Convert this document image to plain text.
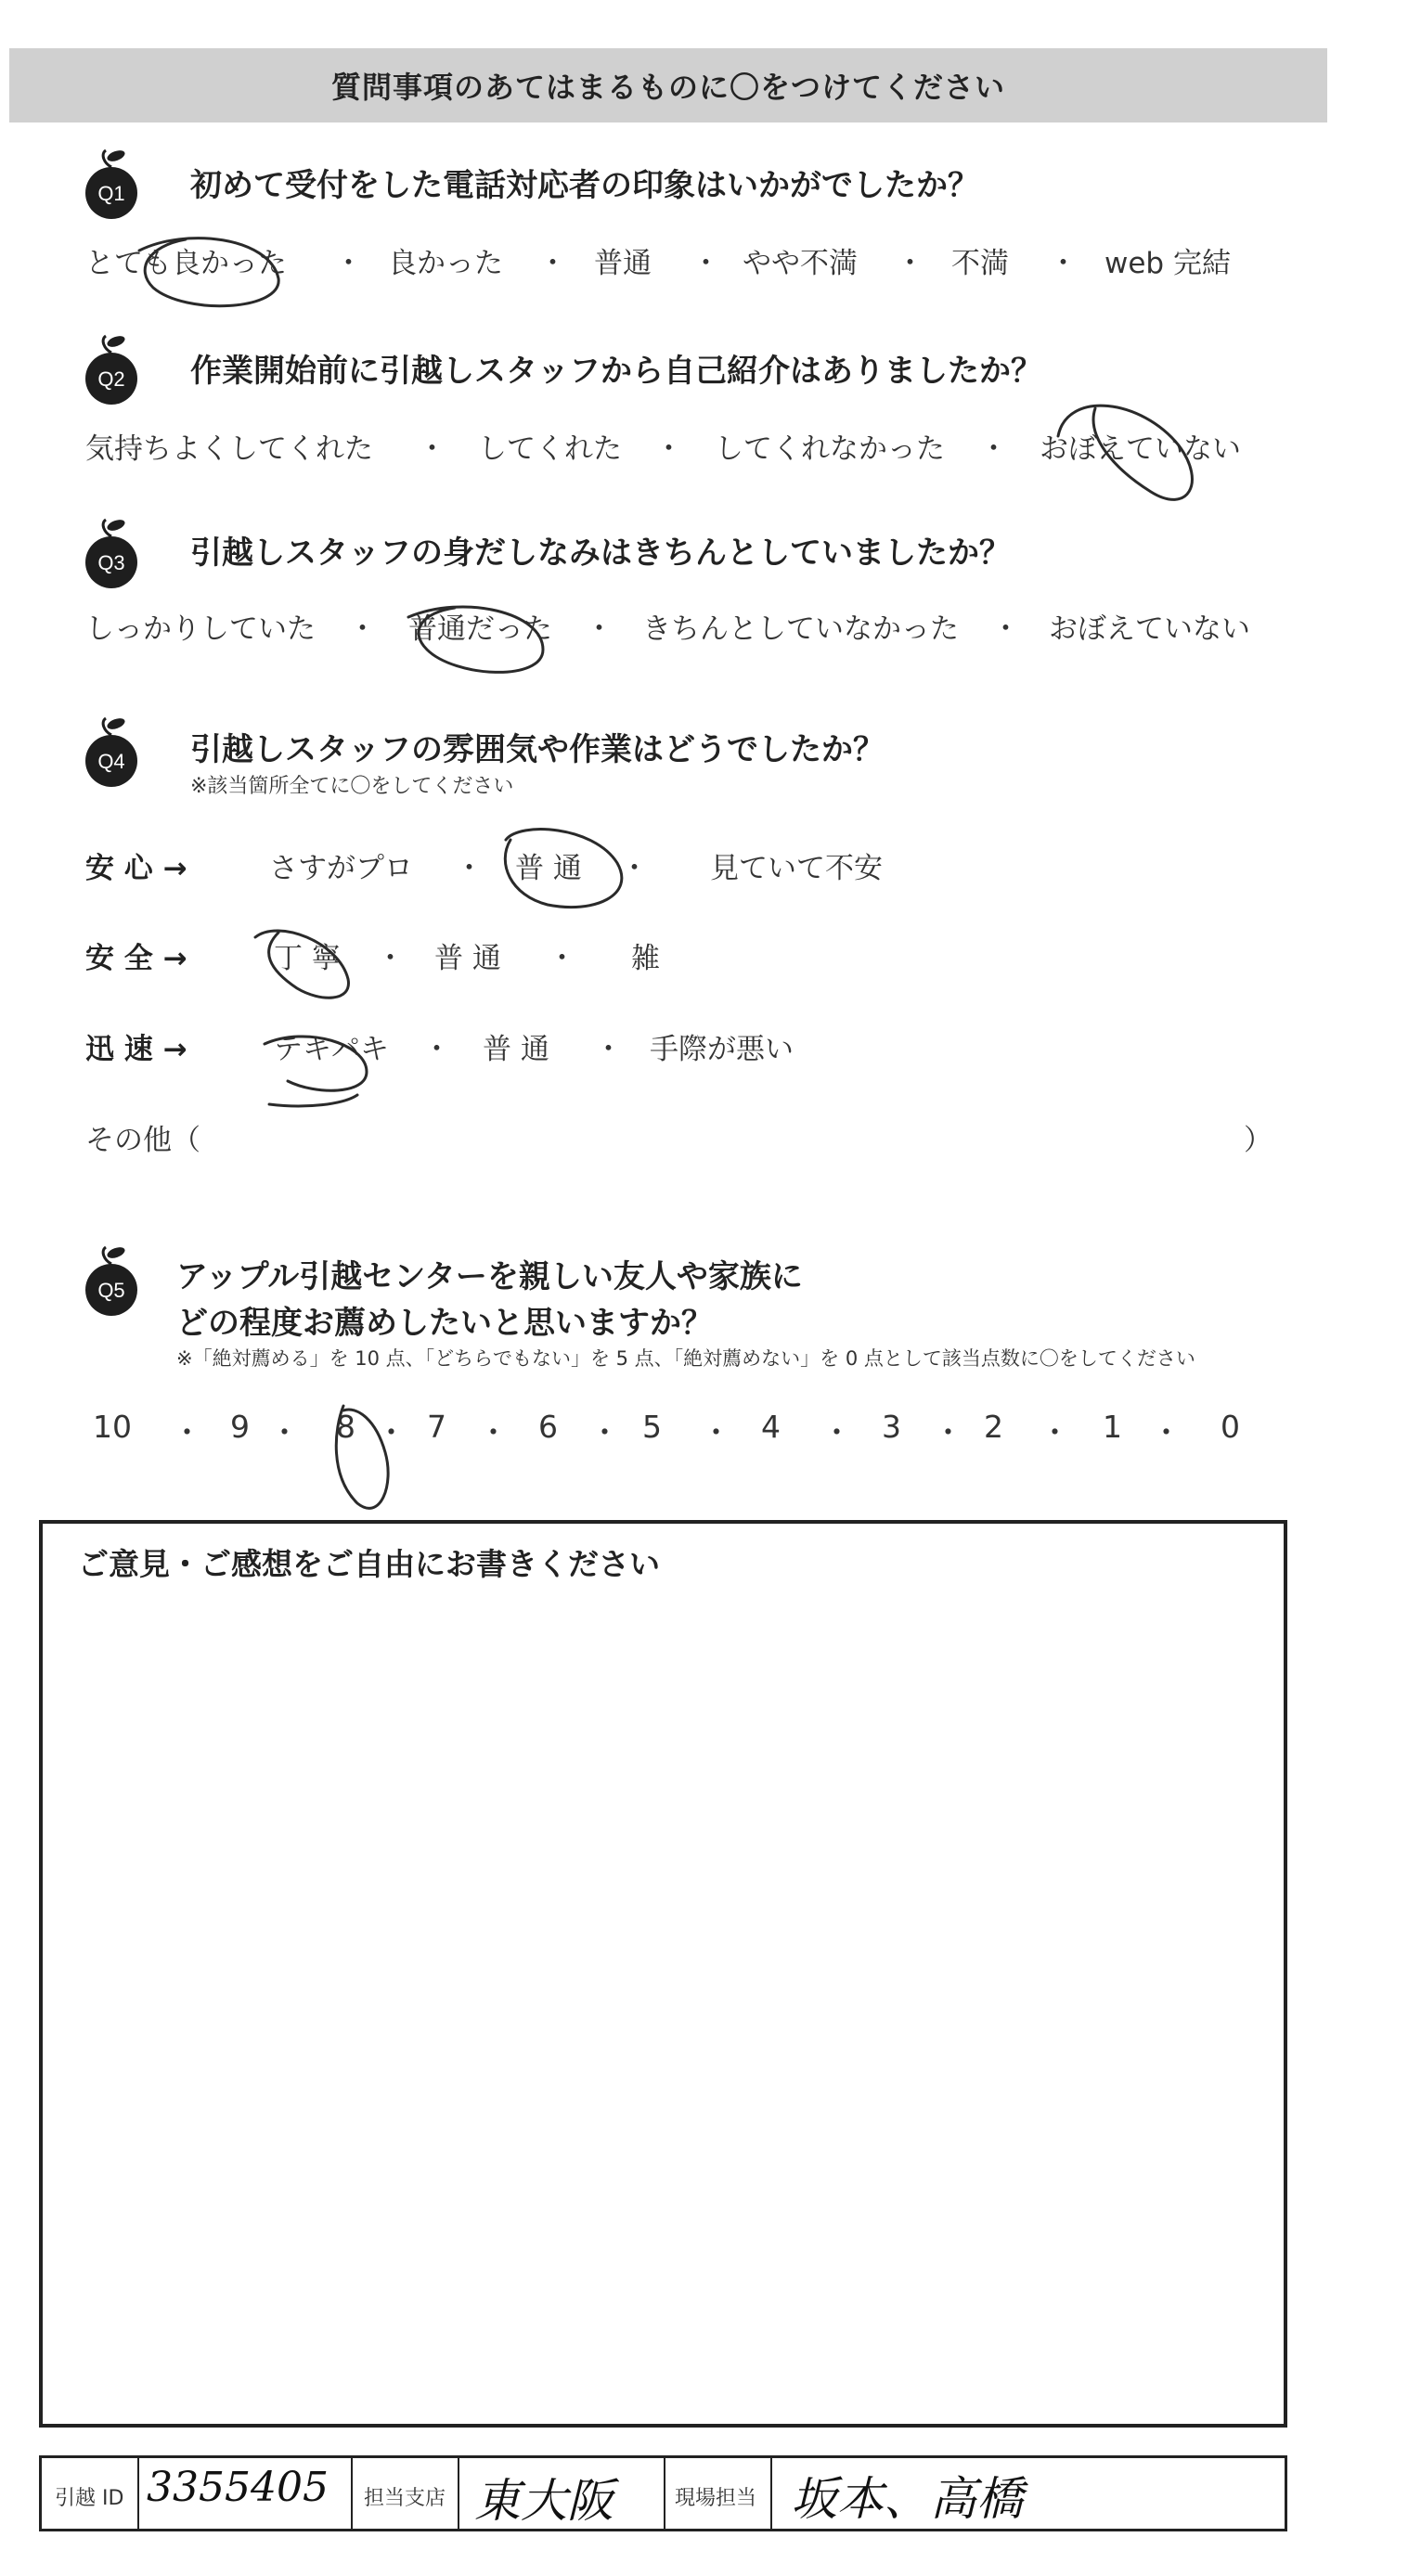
質問事項のあてはまるものに〇をつけてください
Q1 初めて受付をした電話対応者の印象はいかがでしたか？
とても良かった ・ 良かった ・ 普通 ・ やや不満 ・ 不満 ・ web 完結
Q2 作業開始前に引越しスタッフから自己紹介はありましたか？
気持ちよくしてくれた ・ してくれた ・ してくれなかった ・ おぼえていない
Q3 引越しスタッフの身だしなみはきちんとしていましたか？
しっかりしていた ・ 普通だった ・ きちんとしていなかった ・ おぼえていない
Q4 引越しスタッフの雰囲気や作業はどうでしたか？
※該当箇所全てに〇をしてください
安 心 →	さすがプロ ・ 普 通 ・ 見ていて不安
安 全 →	丁 寧 ・ 普 通 ・ 雑
迅 速 →	テキパキ ・ 普 通 ・ 手際が悪い
その他（	）
Q5 アップル引越センターを親しい友人や家族に
どの程度お薦めしたいと思いますか？
※「絶対薦める」を 10 点、「どちらでもない」を 5 点、「絶対薦めない」を 0 点として該当点数に〇をしてください
10 ・ 9 ・ 8 ・ 7 ・ 6 ・ 5 ・ 4 ・ 3 ・ 2 ・ 1 ・ 0
ご意見・ご感想をご自由にお書きください
引越 ID 3355405 担当支店 東大阪	現場担当 坂本、高橋
